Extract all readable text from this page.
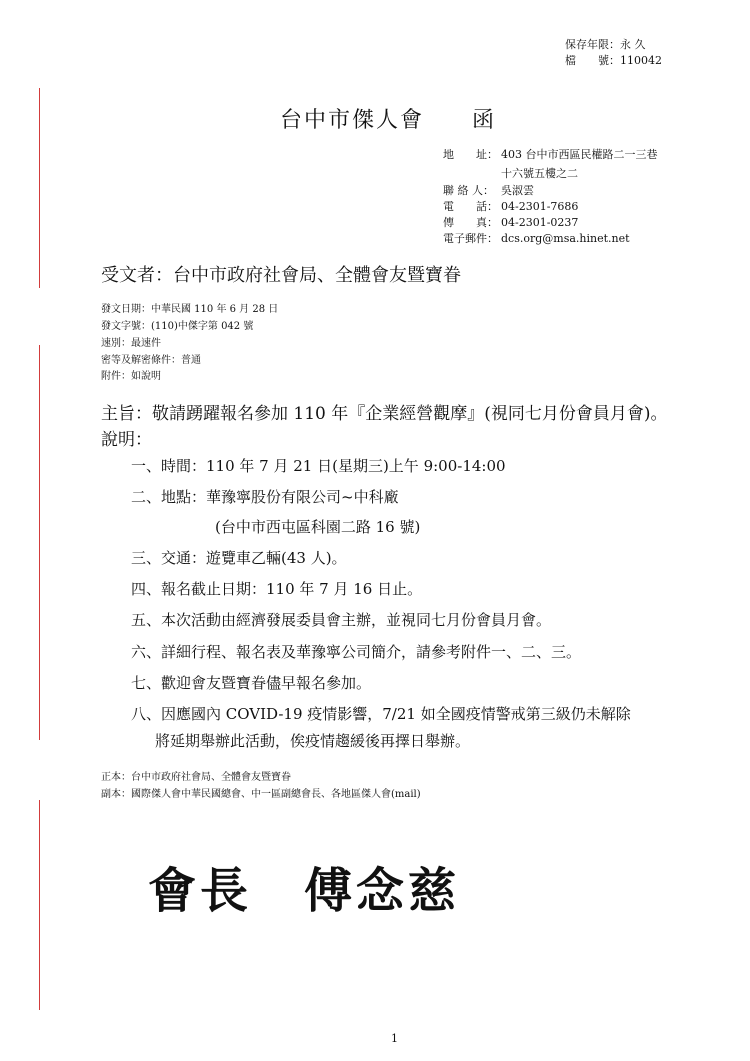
保存年限：永 久
檔　　號：110042
台中市傑人會　　函
地　　址： 403 台中市西區民權路二一三巷
十六號五樓之二
聯 絡 人： 吳淑雲
電　　話： 04-2301-7686
傳　　真： 04-2301-0237
電子郵件： dcs.org@msa.hinet.net
受文者：台中市政府社會局、全體會友暨寶眷
發文日期：中華民國 110 年 6 月 28 日
發文字號：(110)中傑字第 042 號
速別：最速件
密等及解密條件：普通
附件：如說明
主旨：敬請踴躍報名參加 110 年『企業經營觀摩』(視同七月份會員月會)。
說明：
一、時間：110 年 7 月 21 日(星期三)上午 9:00-14:00
二、地點：華豫寧股份有限公司~中科廠
(台中市西屯區科園二路 16 號)
三、交通：遊覽車乙輛(43 人)。
四、報名截止日期：110 年 7 月 16 日止。
五、本次活動由經濟發展委員會主辦，並視同七月份會員月會。
六、詳細行程、報名表及華豫寧公司簡介，請參考附件一、二、三。
七、歡迎會友暨寶眷儘早報名參加。
八、因應國內 COVID-19 疫情影響，7/21 如全國疫情警戒第三級仍未解除
將延期舉辦此活動，俟疫情趨緩後再擇日舉辦。
正本：台中市政府社會局、全體會友暨寶眷
副本：國際傑人會中華民國總會、中一區副總會長、各地區傑人會(mail)
會長　傅念慈
1
